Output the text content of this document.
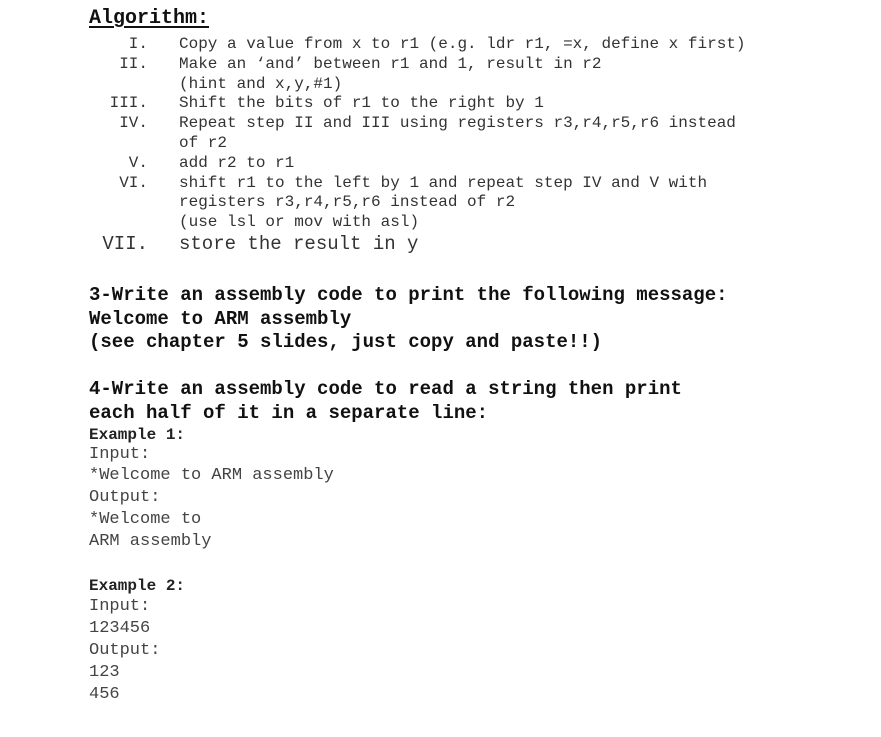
Algorithm:
I. Copy a value from x to r1 (e.g. ldr r1, =x, define x first)
II. Make an ‘and’ between r1 and 1, result in r2
(hint and x,y,#1)
III. Shift the bits of r1 to the right by 1
IV. Repeat step II and III using registers r3,r4,r5,r6 instead
of r2
V. add r2 to r1
VI. shift r1 to the left by 1 and repeat step IV and V with
registers r3,r4,r5,r6 instead of r2
(use lsl or mov with asl)
VII. store the result in y
3-Write an assembly code to print the following message:
Welcome to ARM assembly
(see chapter 5 slides, just copy and paste!!)
4-Write an assembly code to read a string then print
each half of it in a separate line:
Example 1:
Input:
*Welcome to ARM assembly
Output:
*Welcome to
ARM assembly
Example 2:
Input:
123456
Output:
123
456
